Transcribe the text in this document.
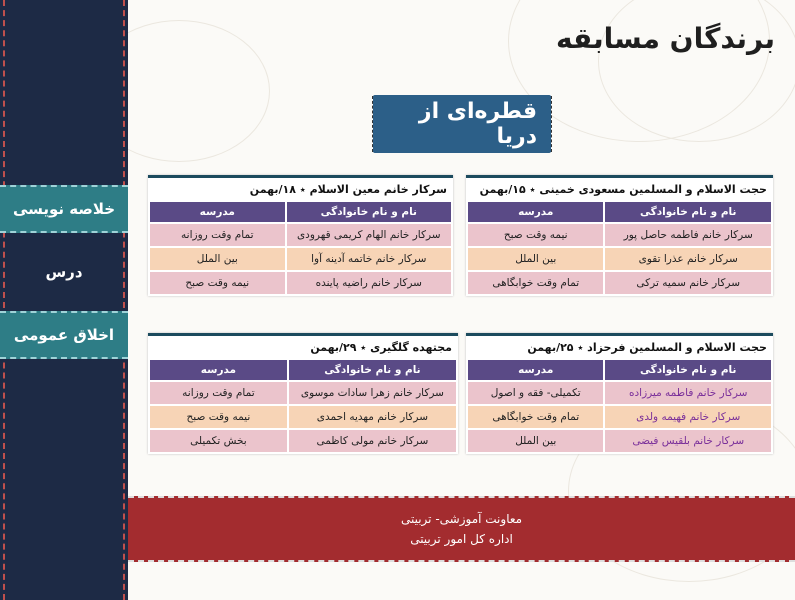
خلاصه نویسی
درس
اخلاق عمومی
برندگان مسابقه
قطره‌ای از دریا
حجت الاسلام و المسلمین مسعودی خمینی ٭ ۱۵/بهمن
نام و نام خانوادگی	مدرسه
سرکار خانم فاطمه حاصل پور	نیمه وقت صبح
سرکار خانم عذرا تقوی	بین الملل
سرکار خانم سمیه ترکی	تمام وقت خوابگاهی
سرکار خانم معین الاسلام ٭ ۱۸/بهمن
نام و نام خانوادگی	مدرسه
سرکار خانم الهام کریمی قهرودی	تمام وقت روزانه
سرکار خانم خاتمه آدینه آوا	بین الملل
سرکار خانم راضیه پاینده	نیمه وقت صبح
حجت الاسلام و المسلمین فرحزاد ٭ ۲۵/بهمن
نام و نام خانوادگی	مدرسه
سرکار خانم فاطمه میرزاده	تکمیلی- فقه و اصول
سرکار خانم فهیمه ولدی	تمام وقت خوابگاهی
سرکار خانم بلقیس فیضی	بین الملل
مجتهده گلگیری ٭ ۲۹/بهمن
نام و نام خانوادگی	مدرسه
سرکار خانم زهرا سادات موسوی	تمام وقت روزانه
سرکار خانم مهدیه احمدی	نیمه وقت صبح
سرکار خانم مولی کاظمی	بخش تکمیلی
معاونت آموزشی- تربیتی
اداره کل امور تربیتی
